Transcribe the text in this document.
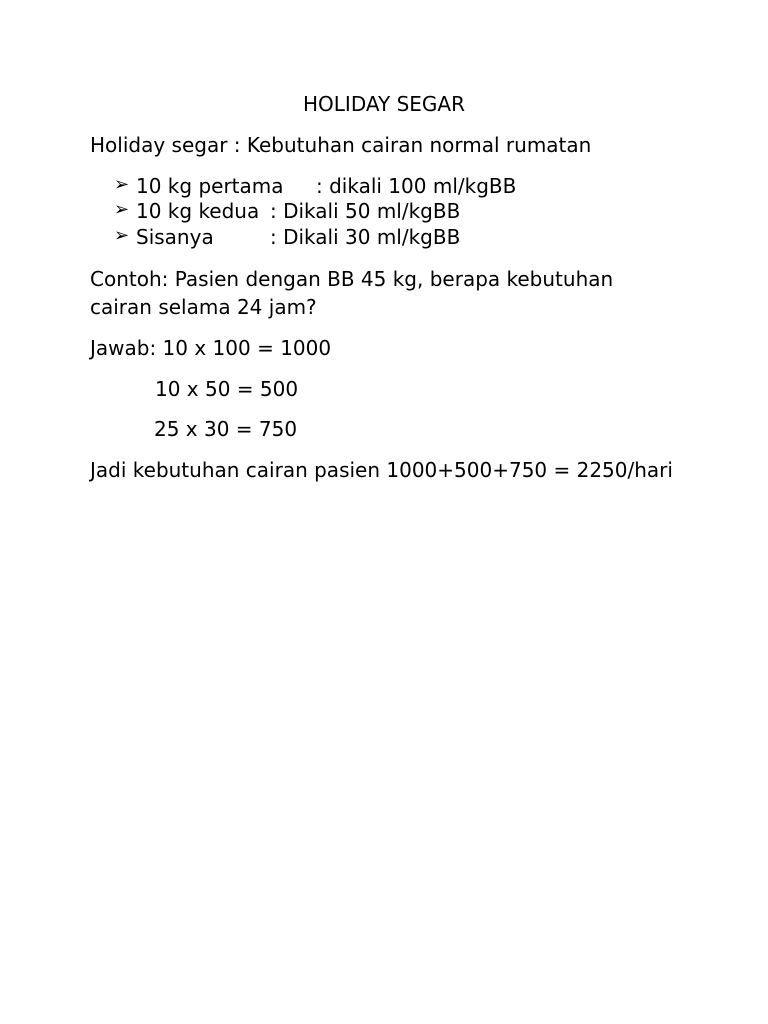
HOLIDAY SEGAR
Holiday segar : Kebutuhan cairan normal rumatan

➢

10 kg pertama

: dikali 100 ml/kgBB

➢

10 kg kedua

: Dikali 50 ml/kgBB

➢

Sisanya

	: Dikali 30 ml/kgBB

Contoh: Pasien dengan BB 45 kg, berapa kebutuhan
cairan selama 24 jam?
Jawab: 10 x 100 = 1000
10 x 50 = 500
25 x 30 = 750
Jadi kebutuhan cairan pasien 1000+500+750 = 2250/hari
